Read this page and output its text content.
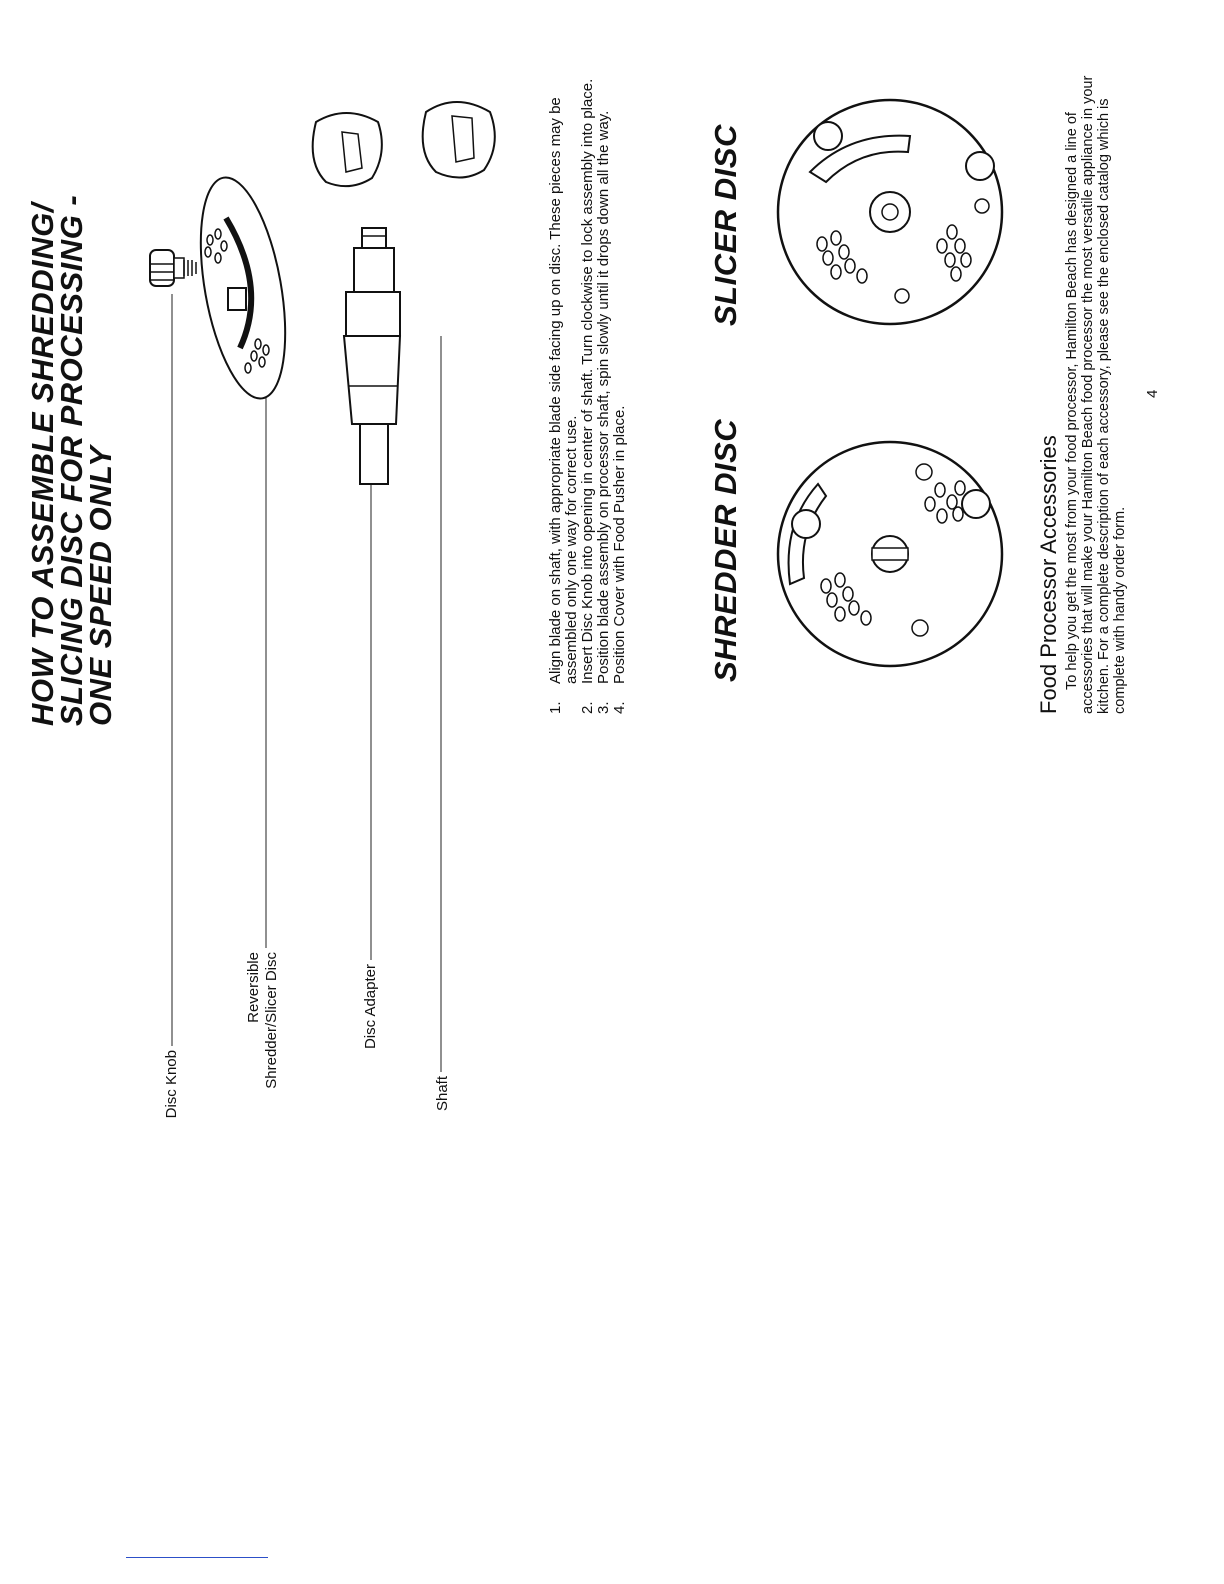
HOW TO ASSEMBLE SHREDDING/
SLICING DISC FOR PROCESSING -
ONE SPEED ONLY
Disc Knob
Reversible Shredder/Slicer Disc	Disc Adapter
Shaft
1.
Align blade on shaft, with appropriate blade side facing up on disc. These pieces may be assembled only one way for correct use.
2.
Insert Disc Knob into opening in center of shaft. Turn clockwise to lock assembly into place.
3.
Position blade assembly on processor shaft, spin slowly until it drops down all the way.
4.
Position Cover with Food Pusher in place.	SHREDDER DISC
SLICER DISC
Food Processor Accessories To help you get the most from your food processor, Hamilton Beach has designed a line of accessories that will make your Hamilton Beach food processor the most versatile appliance in your kitchen. For a complete description of each accessory, please see the enclosed catalog which is complete with handy order form.
4
